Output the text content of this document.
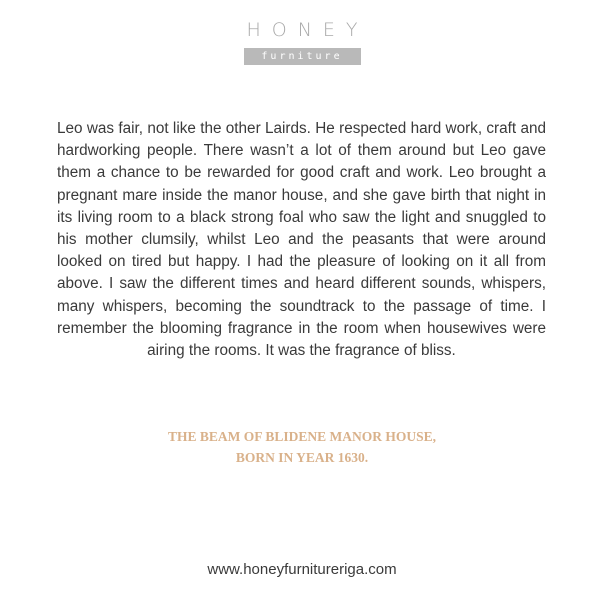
HONEY
furniture

Leo was fair, not like the other Lairds. He respected hard work, craft and hardworking people. There wasn’t a lot of them around but Leo gave them a chance to be rewarded for good craft and work. Leo brought a pregnant mare inside the manor house, and she gave birth that night in its living room to a black strong foal who saw the light and snuggled to his mother clumsily, whilst Leo and the peasants that were around looked on tired but happy. I had the pleasure of looking on it all from above. I saw the different times and heard different sounds, whispers, many whispers, becoming the soundtrack to the passage of time. I remember the blooming fragrance in the room when housewives were airing the rooms. It was the fragrance of bliss.

THE BEAM OF BLIDENE MANOR HOUSE,
BORN IN YEAR 1630.
www.honeyfurnitureriga.com
